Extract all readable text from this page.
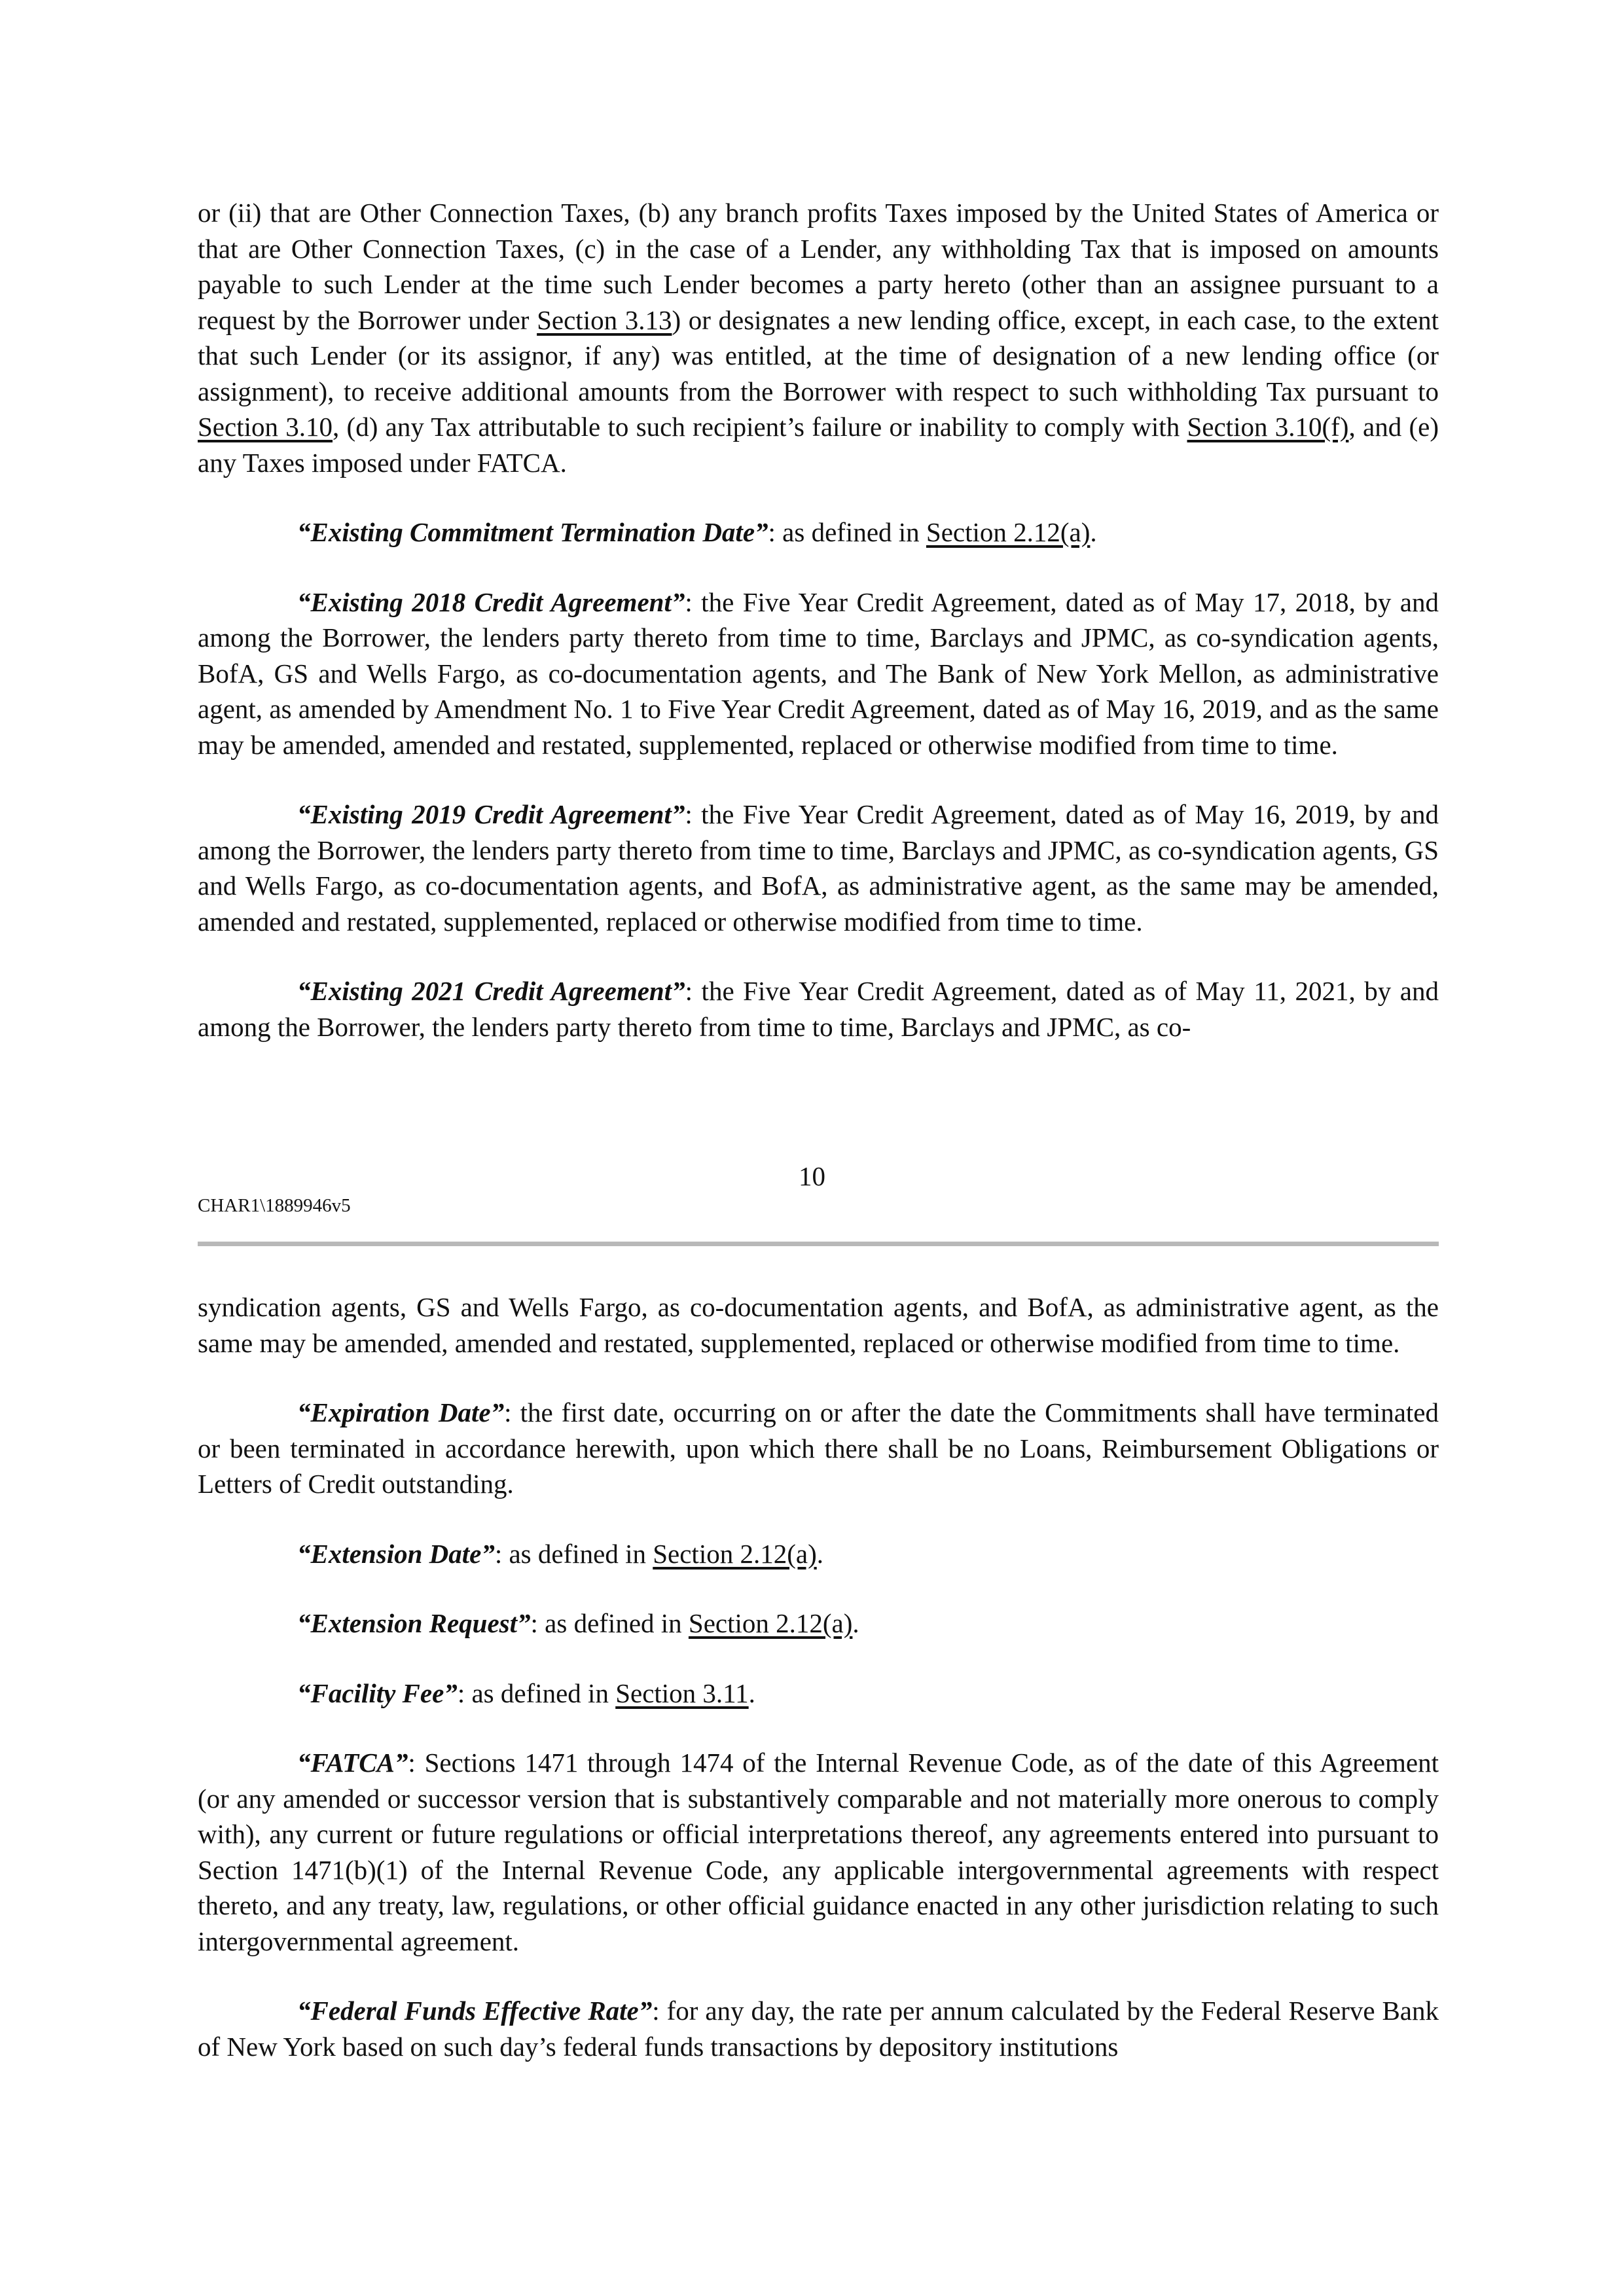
or (ii) that are Other Connection Taxes, (b) any branch profits Taxes imposed by the United States of America or that are Other Connection Taxes, (c) in the case of a Lender, any withholding Tax that is imposed on amounts payable to such Lender at the time such Lender becomes a party hereto (other than an assignee pursuant to a request by the Borrower under Section 3.13) or designates a new lending office, except, in each case, to the extent that such Lender (or its assignor, if any) was entitled, at the time of designation of a new lending office (or assignment), to receive additional amounts from the Borrower with respect to such withholding Tax pursuant to Section 3.10, (d) any Tax attributable to such recipient’s failure or inability to comply with Section 3.10(f), and (e) any Taxes imposed under FATCA.

“Existing Commitment Termination Date”: as defined in Section 2.12(a).

“Existing 2018 Credit Agreement”: the Five Year Credit Agreement, dated as of May 17, 2018, by and among the Borrower, the lenders party thereto from time to time, Barclays and JPMC, as co-syndication agents, BofA, GS and Wells Fargo, as co-documentation agents, and The Bank of New York Mellon, as administrative agent, as amended by Amendment No. 1 to Five Year Credit Agreement, dated as of May 16, 2019, and as the same may be amended, amended and restated, supplemented, replaced or otherwise modified from time to time.

“Existing 2019 Credit Agreement”: the Five Year Credit Agreement, dated as of May 16, 2019, by and among the Borrower, the lenders party thereto from time to time, Barclays and JPMC, as co-syndication agents, GS and Wells Fargo, as co-documentation agents, and BofA, as administrative agent, as the same may be amended, amended and restated, supplemented, replaced or otherwise modified from time to time.

“Existing 2021 Credit Agreement”: the Five Year Credit Agreement, dated as of May 11, 2021, by and among the Borrower, the lenders party thereto from time to time, Barclays and JPMC, as co-

10
CHAR1\1889946v5

syndication agents, GS and Wells Fargo, as co-documentation agents, and BofA, as administrative agent, as the same may be amended, amended and restated, supplemented, replaced or otherwise modified from time to time.

“Expiration Date”: the first date, occurring on or after the date the Commitments shall have terminated or been terminated in accordance herewith, upon which there shall be no Loans, Reimbursement Obligations or Letters of Credit outstanding.

“Extension Date”: as defined in Section 2.12(a).

“Extension Request”: as defined in Section 2.12(a).

“Facility Fee”: as defined in Section 3.11.

“FATCA”: Sections 1471 through 1474 of the Internal Revenue Code, as of the date of this Agreement (or any amended or successor version that is substantively comparable and not materially more onerous to comply with), any current or future regulations or official interpretations thereof, any agreements entered into pursuant to Section 1471(b)(1) of the Internal Revenue Code, any applicable intergovernmental agreements with respect thereto, and any treaty, law, regulations, or other official guidance enacted in any other jurisdiction relating to such intergovernmental agreement.

“Federal Funds Effective Rate”: for any day, the rate per annum calculated by the Federal Reserve Bank of New York based on such day’s federal funds transactions by depository institutions
